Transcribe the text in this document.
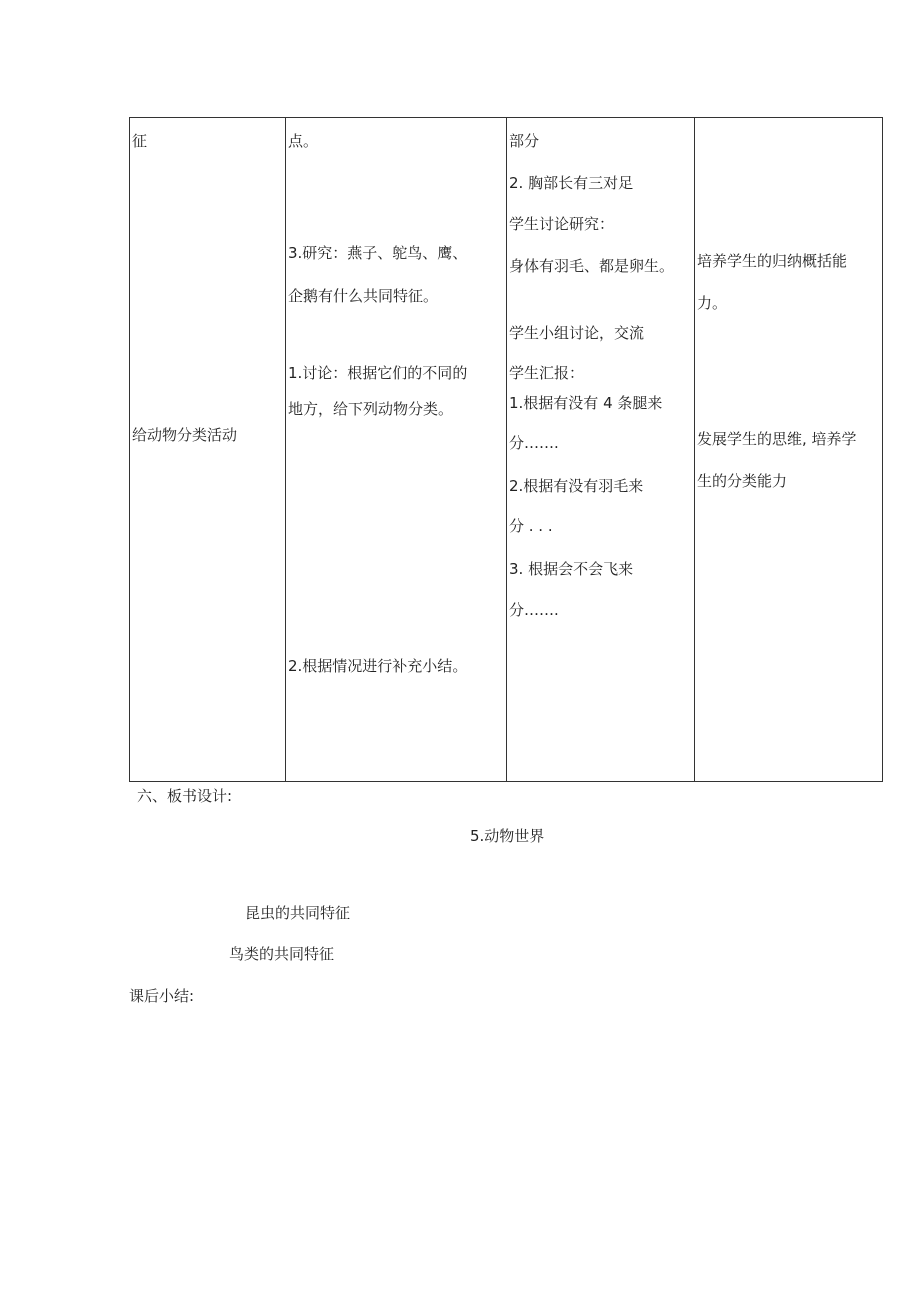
征
给动物分类活动
点。
3.研究：燕子、鸵鸟、鹰、
企鹅有什么共同特征。
1.讨论：根据它们的不同的
地方，给下列动物分类。
2.根据情况进行补充小结。
部分
2. 胸部长有三对足
学生讨论研究：
身体有羽毛、都是卵生。
学生小组讨论，交流
学生汇报：
1.根据有没有 4 条腿来
分…….
2.根据有没有羽毛来
分 . . .
3. 根据会不会飞来
分…….
培养学生的归纳概括能
力。
发展学生的思维, 培养学
生的分类能力
六、板书设计:
5.动物世界
昆虫的共同特征
鸟类的共同特征
课后小结:
